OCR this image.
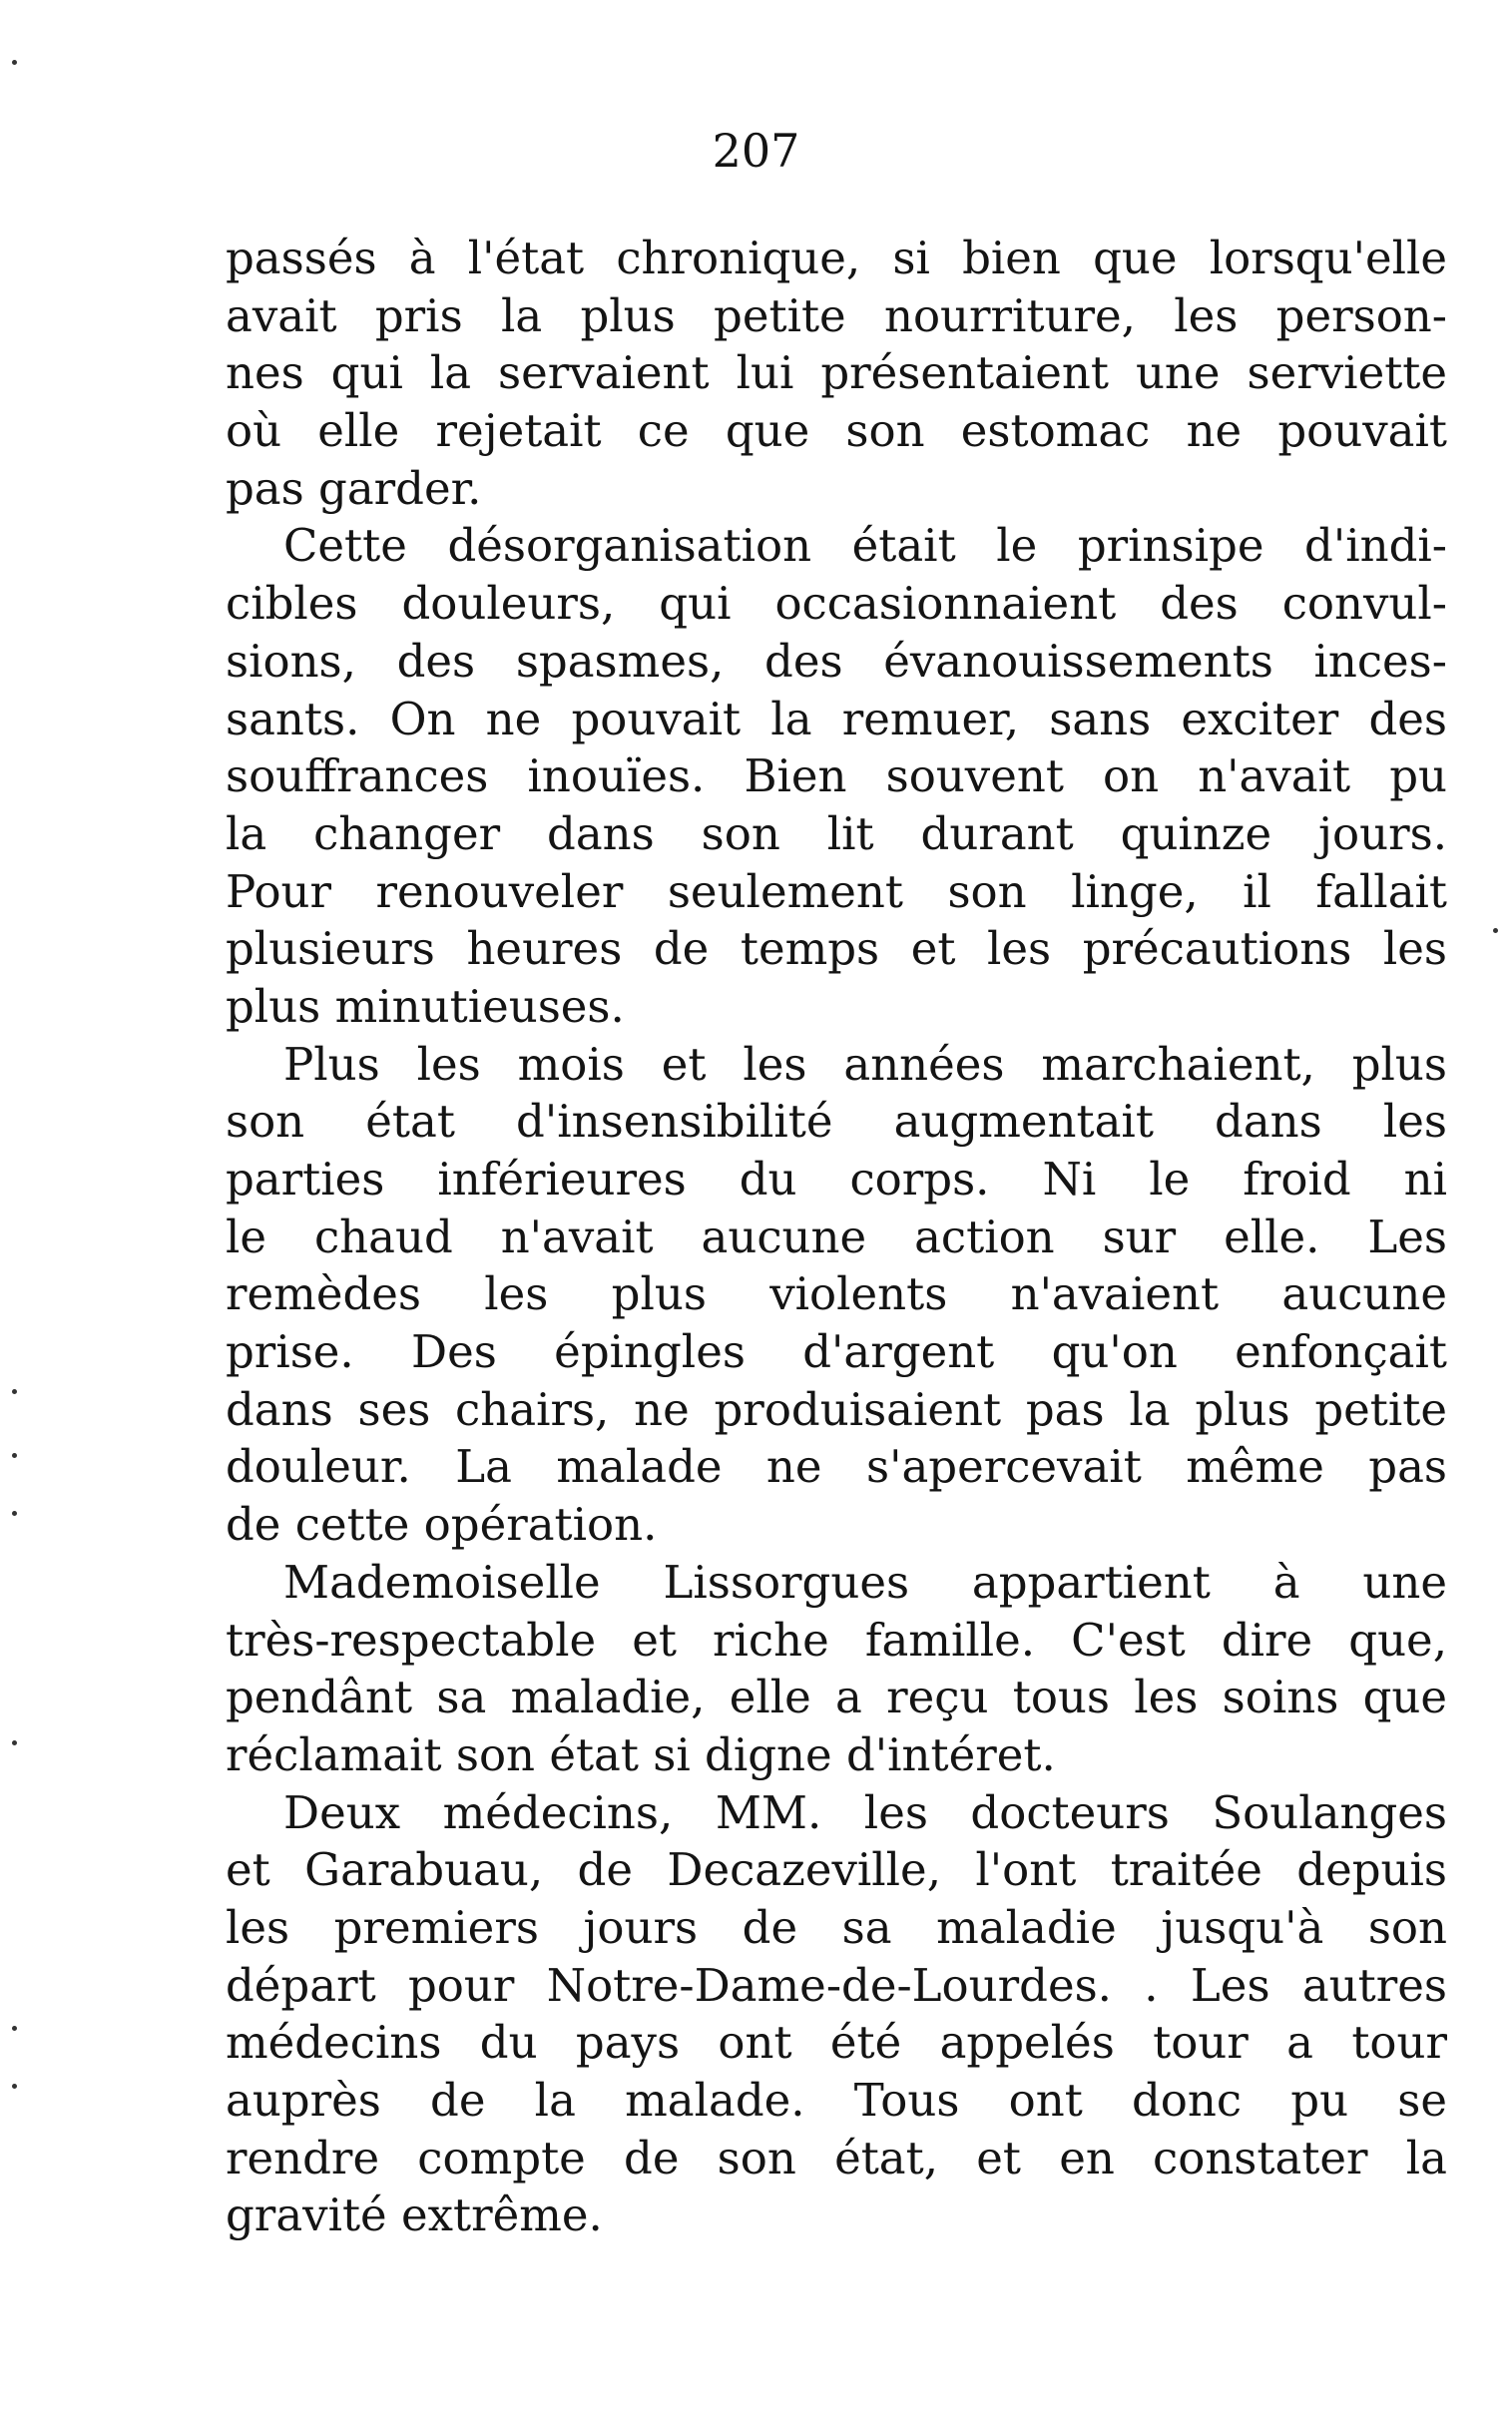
207
passés à l'état chronique, si bien que lorsqu'elle
avait pris la plus petite nourriture, les person-
nes qui la servaient lui présentaient une serviette
où elle rejetait ce que son estomac ne pouvait
pas garder.
Cette désorganisation était le prinsipe d'indi-
cibles douleurs, qui occasionnaient des convul-
sions, des spasmes, des évanouissements inces-
sants. On ne pouvait la remuer, sans exciter des
souffrances inouïes. Bien souvent on n'avait pu
la changer dans son lit durant quinze jours.
Pour renouveler seulement son linge, il fallait
plusieurs heures de temps et les précautions les
plus minutieuses.
Plus les mois et les années marchaient, plus
son état d'insensibilité augmentait dans les
parties inférieures du corps. Ni le froid ni
le chaud n'avait aucune action sur elle. Les
remèdes les plus violents n'avaient aucune
prise. Des épingles d'argent qu'on enfonçait
dans ses chairs, ne produisaient pas la plus petite
douleur. La malade ne s'apercevait même pas
de cette opération.
Mademoiselle Lissorgues appartient à une
très-respectable et riche famille. C'est dire que,
pendânt sa maladie, elle a reçu tous les soins que
réclamait son état si digne d'intéret.
Deux médecins, MM. les docteurs Soulanges
et Garabuau, de Decazeville, l'ont traitée depuis
les premiers jours de sa maladie jusqu'à son
départ pour Notre-Dame-de-Lourdes. . Les autres
médecins du pays ont été appelés tour a tour
auprès de la malade. Tous ont donc pu se
rendre compte de son état, et en constater la
gravité extrême.
